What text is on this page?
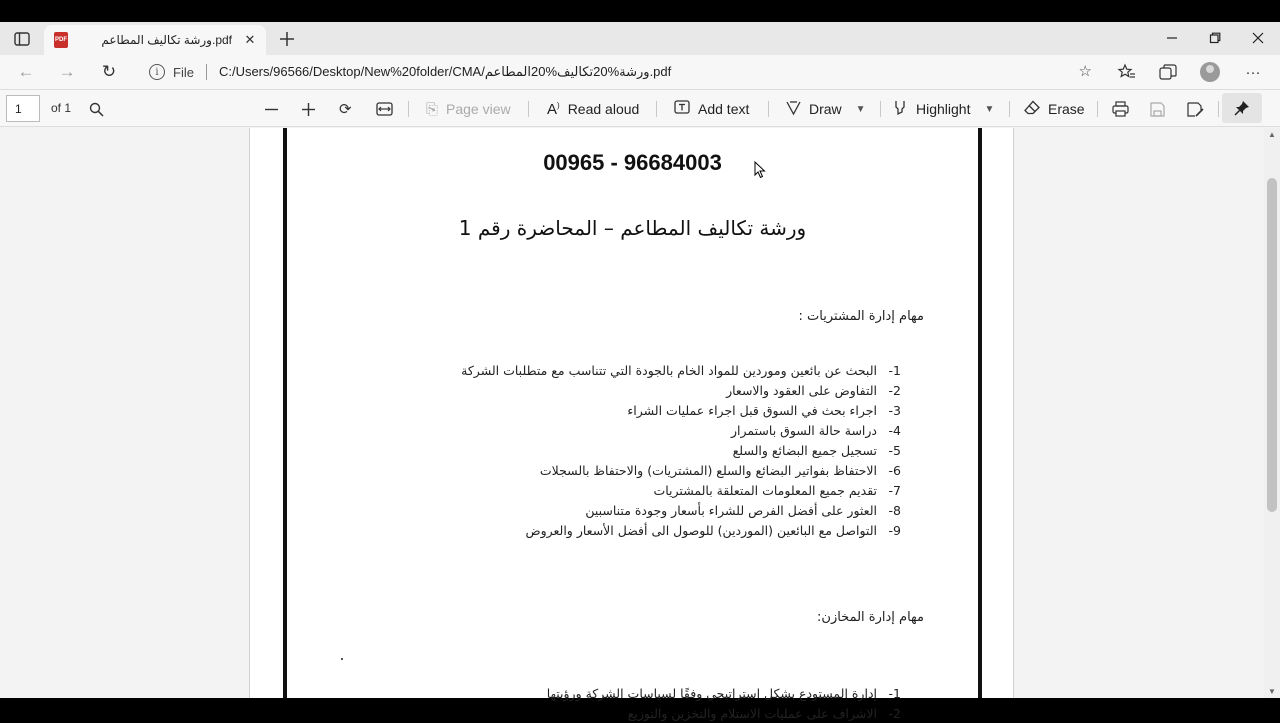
PDF	ورشة تكاليف المطاعم.pdf ✕
← → ↻	i	File C:/Users/96566/Desktop/New%20folder/CMA/ورشة%20تكاليف%20المطاعم.pdf	☆	···
1	of 1	⟳	⎘ Page view A) Read aloud	Add text	Draw ▼	Highlight ▼	Erase
00965 - 96684003
ورشة تكاليف المطاعم – المحاضرة رقم 1
مهام إدارة المشتريات :
-1
البحث عن بائعين وموردين للمواد الخام بالجودة التي تتناسب مع متطلبات الشركة
-2
التفاوض على العقود والاسعار
-3
اجراء بحث في السوق قبل اجراء عمليات الشراء
-4
دراسة حالة السوق باستمرار
-5
تسجيل جميع البضائع والسلع
-6
الاحتفاظ بفواتير البضائع والسلع (المشتريات) والاحتفاظ بالسجلات
-7
تقديم جميع المعلومات المتعلقة بالمشتريات
-8
العثور على أفضل الفرص للشراء بأسعار وجودة متناسبين
-9
التواصل مع البائعين (الموردين) للوصول الى أفضل الأسعار والعروض
مهام إدارة المخازن:
-1
إدارة المستودع بشكل استراتيجي وفقًا لسياسات الشركة ورؤيتها
-2
الاشراف على عمليات الاستلام والتخزين والتوزيع
▲
▼
